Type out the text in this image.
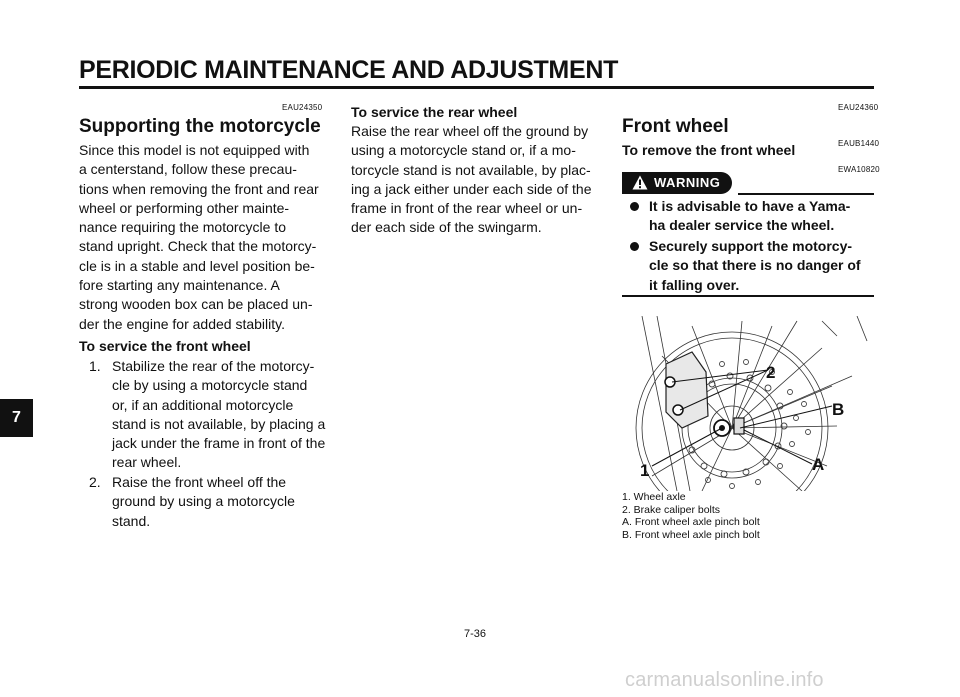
PERIODIC MAINTENANCE AND ADJUSTMENT
7
EAU24350
Supporting the motorcycle
Since this model is not equipped with
a centerstand, follow these precau-
tions when removing the front and rear
wheel or performing other mainte-
nance requiring the motorcycle to
stand upright. Check that the motorcy-
cle is in a stable and level position be-
fore starting any maintenance. A
strong wooden box can be placed un-
der the engine for added stability.
To service the front wheel
1. Stabilize the rear of the motorcy-
cle by using a motorcycle stand
or, if an additional motorcycle
stand is not available, by placing a
jack under the frame in front of the
rear wheel.
2. Raise the front wheel off the
ground by using a motorcycle
stand.
To service the rear wheel
Raise the rear wheel off the ground by
using a motorcycle stand or, if a mo-
torcycle stand is not available, by plac-
ing a jack either under each side of the
frame in front of the rear wheel or un-
der each side of the swingarm.
EAU24360
Front wheel
EAUB1440
To remove the front wheel
EWA10820
WARNING
It is advisable to have a Yama-
ha dealer service the wheel.
Securely support the motorcy-
cle so that there is no danger of
it falling over.
2
B
A
1
1. Wheel axle
2. Brake caliper bolts
A. Front wheel axle pinch bolt
B. Front wheel axle pinch bolt
7-36
carmanualsonline.info
